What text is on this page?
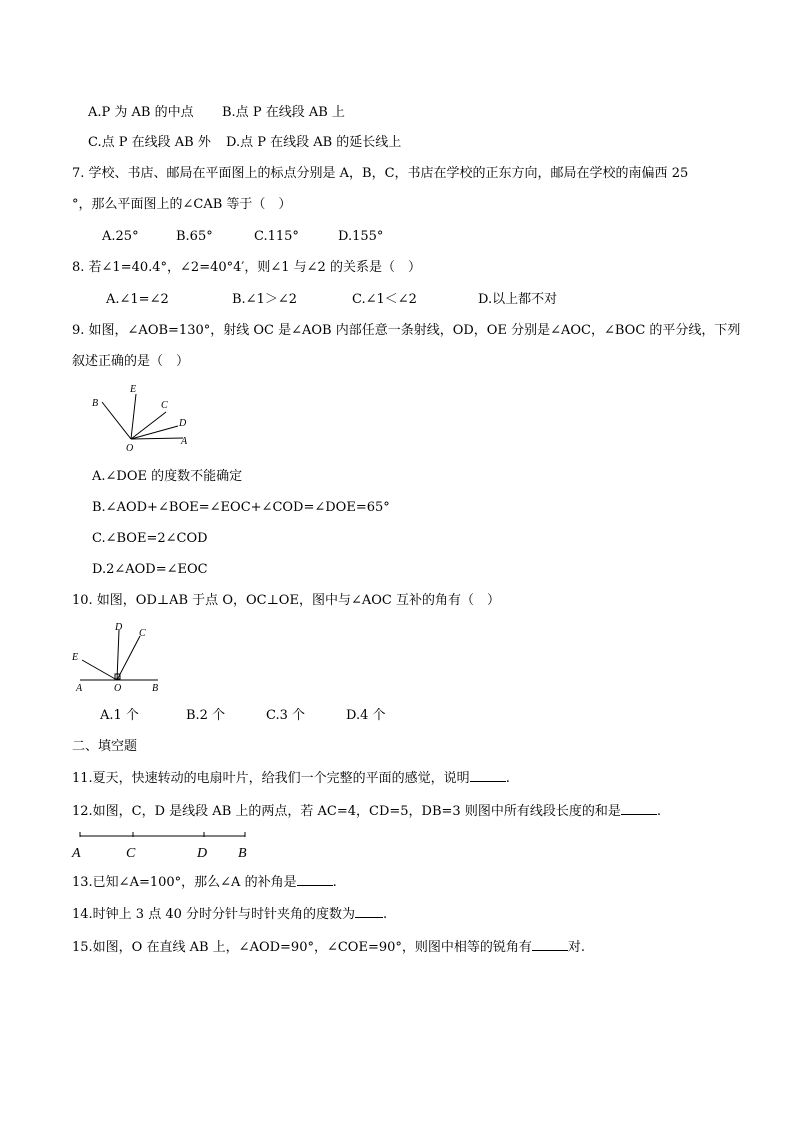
A.P 为 AB 的中点 B.点 P 在线段 AB 上
C.点 P 在线段 AB 外 D.点 P 在线段 AB 的延长线上
7. 学校、书店、邮局在平面图上的标点分别是 A，B，C，书店在学校的正东方向，邮局在学校的南偏西 25
°，那么平面图上的∠CAB 等于（　）
A.25°	B.65°	C.115°	D.155°
8. 若∠1=40.4°，∠2=40°4′，则∠1 与∠2 的关系是（　）
A.∠1=∠2	B.∠1＞∠2	C.∠1＜∠2	D.以上都不对
9. 如图，∠AOB=130°，射线 OC 是∠AOB 内部任意一条射线，OD，OE 分别是∠AOC，∠BOC 的平分线，下列
叙述正确的是（　）
E
B	C
D
A
O
A.∠DOE 的度数不能确定
B.∠AOD+∠BOE=∠EOC+∠COD=∠DOE=65°
C.∠BOE=2∠COD
D.2∠AOD=∠EOC
10. 如图，OD⊥AB 于点 O，OC⊥OE，图中与∠AOC 互补的角有（　）
D
C
E
A	O	B
A.1 个	B.2 个	C.3 个	D.4 个
二、填空题
11.夏天，快速转动的电扇叶片，给我们一个完整的平面的感觉，说明	.
12.如图，C，D 是线段 AB 上的两点，若 AC=4，CD=5，DB=3 则图中所有线段长度的和是	.
A	C	D B
13.已知∠A=100°，那么∠A 的补角是	.
14.时钟上 3 点 40 分时分针与时针夹角的度数为 .
15.如图，O 在直线 AB 上，∠AOD=90°，∠COE=90°，则图中相等的锐角有	对.
